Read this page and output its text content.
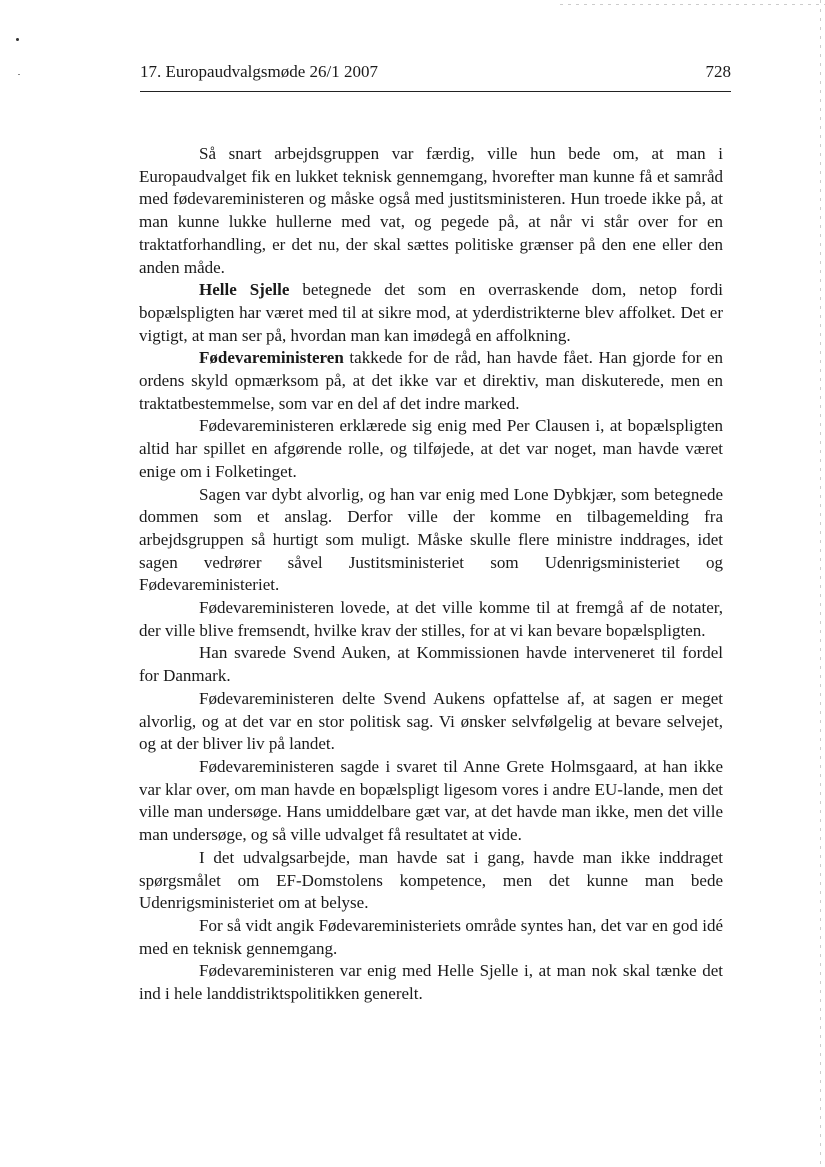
17. Europaudvalgsmøde 26/1 2007	728

Så snart arbejdsgruppen var færdig, ville hun bede om, at man i Europaudvalget fik en lukket teknisk gennemgang, hvorefter man kunne få et samråd med fødevareministeren og måske også med justitsministeren. Hun troede ikke på, at man kunne lukke hullerne med vat, og pegede på, at når vi står over for en traktatforhandling, er det nu, der skal sættes politiske grænser på den ene eller den anden måde.

Helle Sjelle betegnede det som en overraskende dom, netop fordi bopælspligten har været med til at sikre mod, at yderdistrikterne blev affolket. Det er vigtigt, at man ser på, hvordan man kan imødegå en affolkning.

Fødevareministeren takkede for de råd, han havde fået. Han gjorde for en ordens skyld opmærksom på, at det ikke var et direktiv, man diskuterede, men en traktatbestemmelse, som var en del af det indre marked.

Fødevareministeren erklærede sig enig med Per Clausen i, at bopælspligten altid har spillet en afgørende rolle, og tilføjede, at det var noget, man havde været enige om i Folketinget.

Sagen var dybt alvorlig, og han var enig med Lone Dybkjær, som betegnede dommen som et anslag. Derfor ville der komme en tilbagemelding fra arbejdsgruppen så hurtigt som muligt. Måske skulle flere ministre inddrages, idet sagen vedrører såvel Justitsministeriet som Udenrigsministeriet og Fødevareministeriet.

Fødevareministeren lovede, at det ville komme til at fremgå af de notater, der ville blive fremsendt, hvilke krav der stilles, for at vi kan bevare bopælspligten.

Han svarede Svend Auken, at Kommissionen havde interveneret til fordel for Danmark.

Fødevareministeren delte Svend Aukens opfattelse af, at sagen er meget alvorlig, og at det var en stor politisk sag. Vi ønsker selvfølgelig at bevare selvejet, og at der bliver liv på landet.

Fødevareministeren sagde i svaret til Anne Grete Holmsgaard, at han ikke var klar over, om man havde en bopælspligt ligesom vores i andre EU-lande, men det ville man undersøge. Hans umiddelbare gæt var, at det havde man ikke, men det ville man undersøge, og så ville udvalget få resultatet at vide.

I det udvalgsarbejde, man havde sat i gang, havde man ikke inddraget spørgsmålet om EF-Domstolens kompetence, men det kunne man bede Udenrigsministeriet om at belyse.

For så vidt angik Fødevareministeriets område syntes han, det var en god idé med en teknisk gennemgang.

Fødevareministeren var enig med Helle Sjelle i, at man nok skal tænke det ind i hele landdistriktspolitikken generelt.
